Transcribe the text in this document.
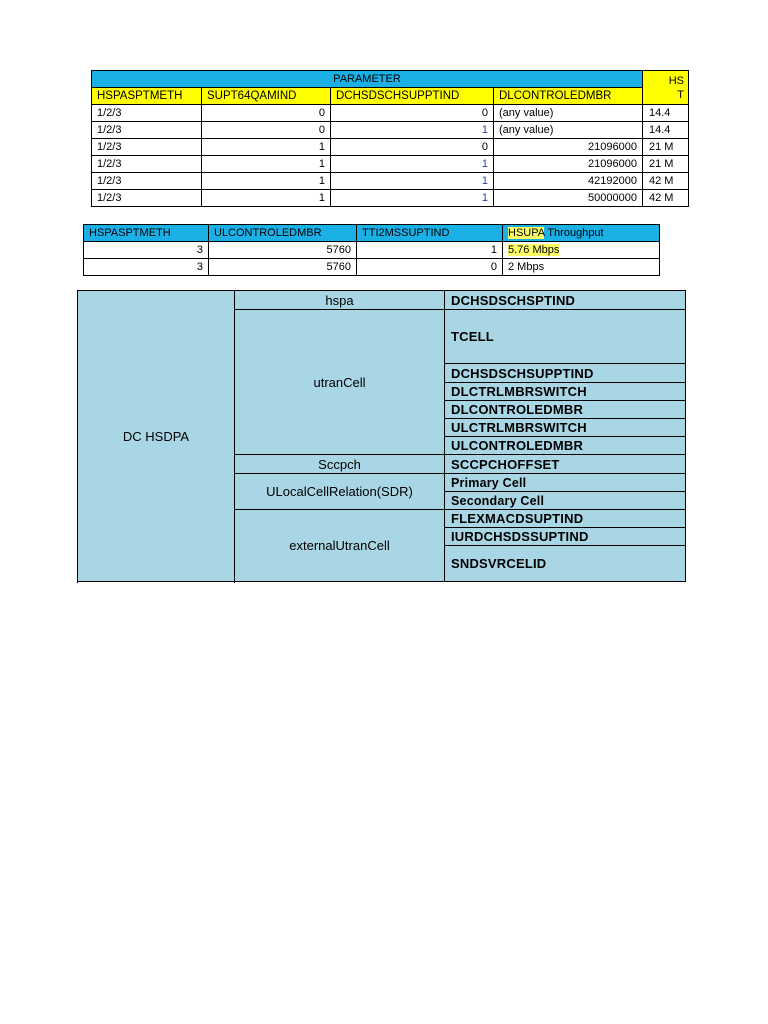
PARAMETER				HS
T

HSPASPTMETH	SUPT64QAMIND	DCHSDSCHSUPPTIND	DLCONTROLEDMBR	
1/2/3	0	0	(any value)	14.4
1/2/3	0	1	(any value)	14.4
1/2/3	1	0	21096000	21 M
1/2/3	1	1	21096000	21 M
1/2/3	1	1	42192000	42 M
1/2/3	1	1	50000000	42 M
HSPASPTMETH	ULCONTROLEDMBR	TTI2MSSUPTIND	HSUPA Throughput
3	5760	1	5.76 Mbps
3	5760	0	2 Mbps
DC HSDPA	hspa	DCHSDSCHSPTIND
	utranCell	TCELL
		DCHSDSCHSUPPTIND
		DLCTRLMBRSWITCH
		DLCONTROLEDMBR
		ULCTRLMBRSWITCH
		ULCONTROLEDMBR

	Sccpch	SCCPCHOFFSET
	ULocalCellRelation(SDR)	Primary Cell
		Secondary Cell
	externalUtranCell	FLEXMACDSUPTIND
		IURDCHSDSSUPTIND
		SNDSVRCELID
